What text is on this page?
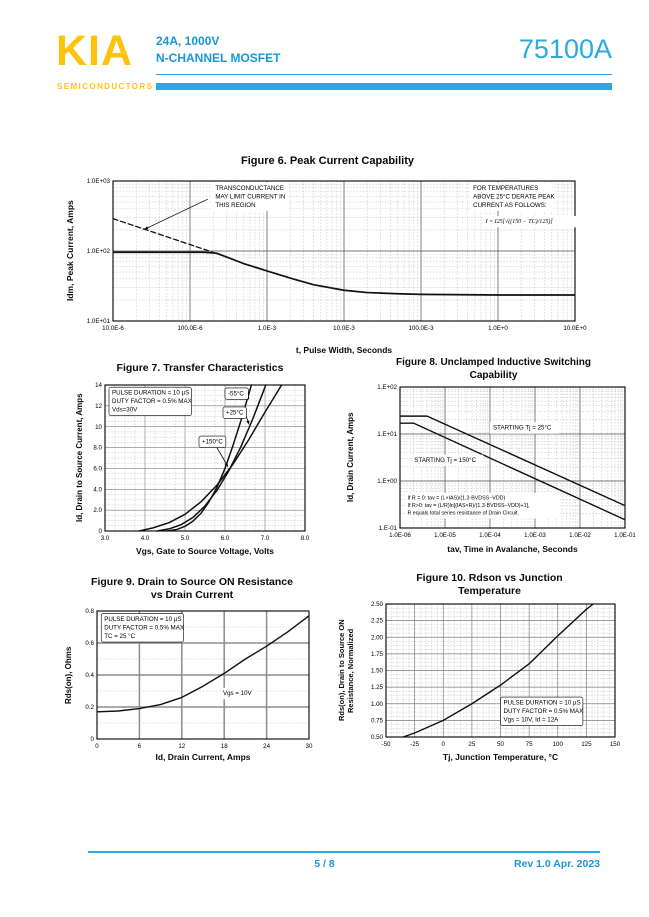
KIA
SEMICONDUCTORS
24A, 1000V
N-CHANNEL MOSFET	75100A
Figure 6. Peak Current Capability
Idm, Peak Current, Amps
10.0E-6	100.0E-6	1.0E-3	10.0E-3	100.0E-3	1.0E+0	10.0E+0
1.0E+01
1.0E+02
1.0E+03
TRANSCONDUCTANCE
MAY LIMIT CURRENT IN
THIS REGION
FOR TEMPERATURES
ABOVE 25°C DERATE PEAK
CURRENT AS FOLLOWS:
I = I25[√((150 − TC)/125)]
t, Pulse Width, Seconds
Figure 7. Transfer Characteristics
Id, Drain to Source Current, Amps
3.0	4.0	5.0	6.0	7.0	8.0
0
2.0
4.0
6.0
8.0
10
12
14
PULSE DURATION = 10 µS
DUTY FACTOR = 0.5% MAX
Vds=30V
-55°C
+25°C
+150°C
Vgs, Gate to Source Voltage, Volts
Figure 8. Unclamped Inductive Switching Capability
Id, Drain Current, Amps
1.0E-06	1.0E-05	1.0E-04	1.0E-03	1.0E-02	1.0E-01
1.E+02
1.E+01
1.E+00
1.E-01
STARTING Tj = 25°C
STARTING Tj = 150°C
If R = 0: tav = (L×IAS)/(1.3·BVDSS−VDD)
If R>0: tav = (L/R)ln[(IAS×R)/(1.3·BVDSS−VDD)+1],
R equals total series resistance of Drain Circuit.
tav, Time in Avalanche, Seconds
Figure 9. Drain to Source ON Resistance vs Drain Current
Rds(on), Ohms
0	6	12	18	24	30
0
0.2
0.4
0.6
0.8
PULSE DURATION = 10 µS
DUTY FACTOR = 0.5% MAX
TC = 25 °C
Vgs = 10V
Id, Drain Current, Amps
Figure 10. Rdson vs Junction Temperature
Rds(on), Drain to Source ON Resistance, Normalized
-50	-25	0	25	50	75	100	125	150
0.50
0.75
1.00
1.25
1.50
1.75
2.00
2.25
2.50
PULSE DURATION = 10 µS
DUTY FACTOR = 0.5% MAX
Vgs = 10V, Id = 12A
Tj, Junction Temperature, °C
5 / 8	Rev 1.0 Apr. 2023
